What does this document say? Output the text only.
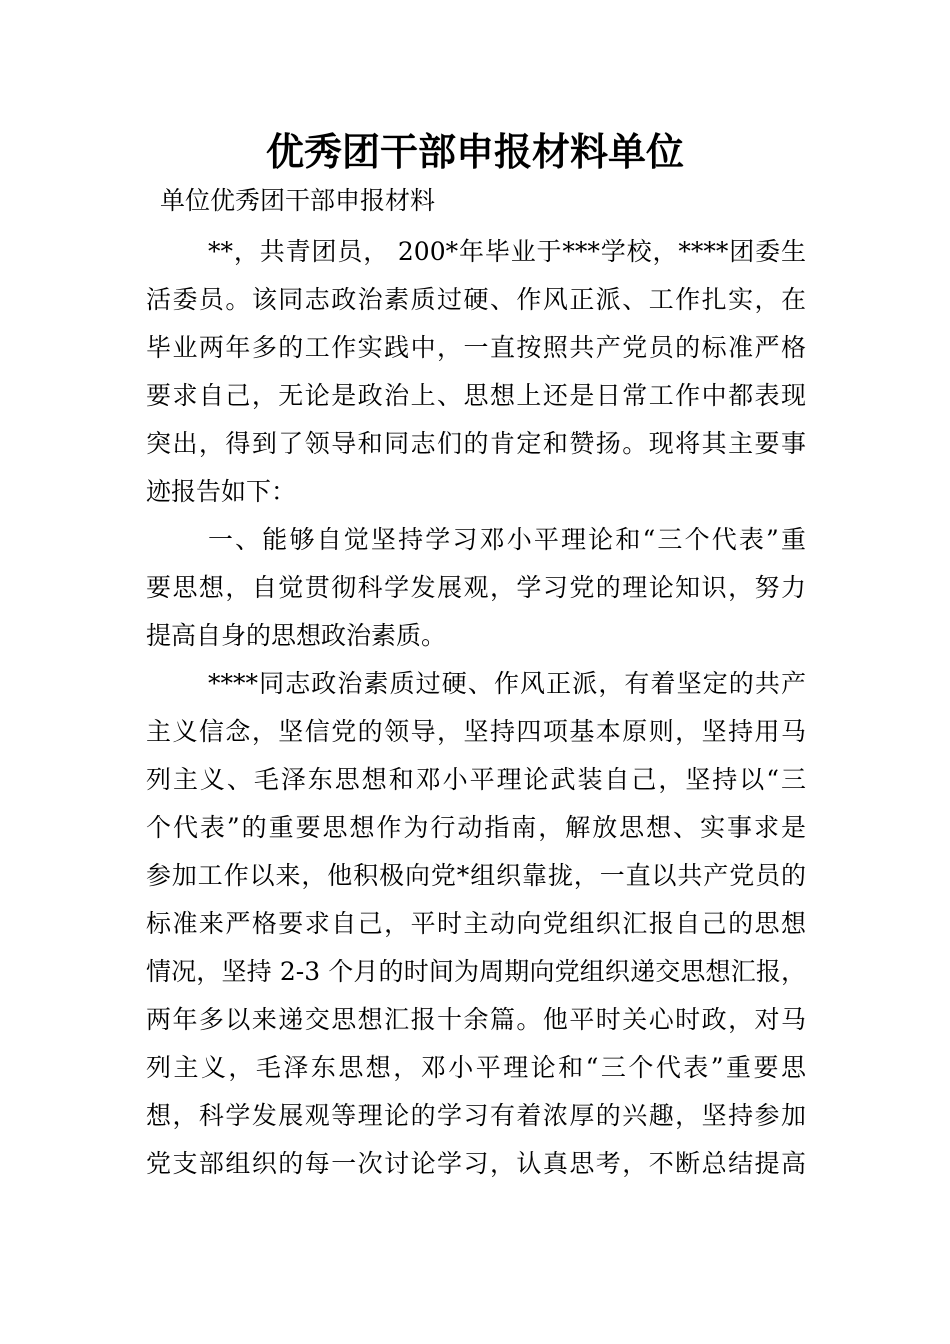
优秀团干部申报材料单位
单位优秀团干部申报材料
**，共青团员， 200*年毕业于***学校，****团委生
活委员。该同志政治素质过硬、作风正派、工作扎实，在
毕业两年多的工作实践中，一直按照共产党员的标准严格
要求自己，无论是政治上、思想上还是日常工作中都表现
突出，得到了领导和同志们的肯定和赞扬。现将其主要事
迹报告如下：
一、能够自觉坚持学习邓小平理论和“三个代表”重
要思想，自觉贯彻科学发展观，学习党的理论知识，努力
提高自身的思想政治素质。
****同志政治素质过硬、作风正派，有着坚定的共产
主义信念，坚信党的领导，坚持四项基本原则，坚持用马
列主义、毛泽东思想和邓小平理论武装自己，坚持以“三
个代表”的重要思想作为行动指南，解放思想、实事求是
参加工作以来，他积极向党*组织靠拢，一直以共产党员的
标准来严格要求自己，平时主动向党组织汇报自己的思想
情况，坚持 2-3 个月的时间为周期向党组织递交思想汇报，
两年多以来递交思想汇报十余篇。他平时关心时政，对马
列主义，毛泽东思想，邓小平理论和“三个代表”重要思
想，科学发展观等理论的学习有着浓厚的兴趣，坚持参加
党支部组织的每一次讨论学习，认真思考，不断总结提高
